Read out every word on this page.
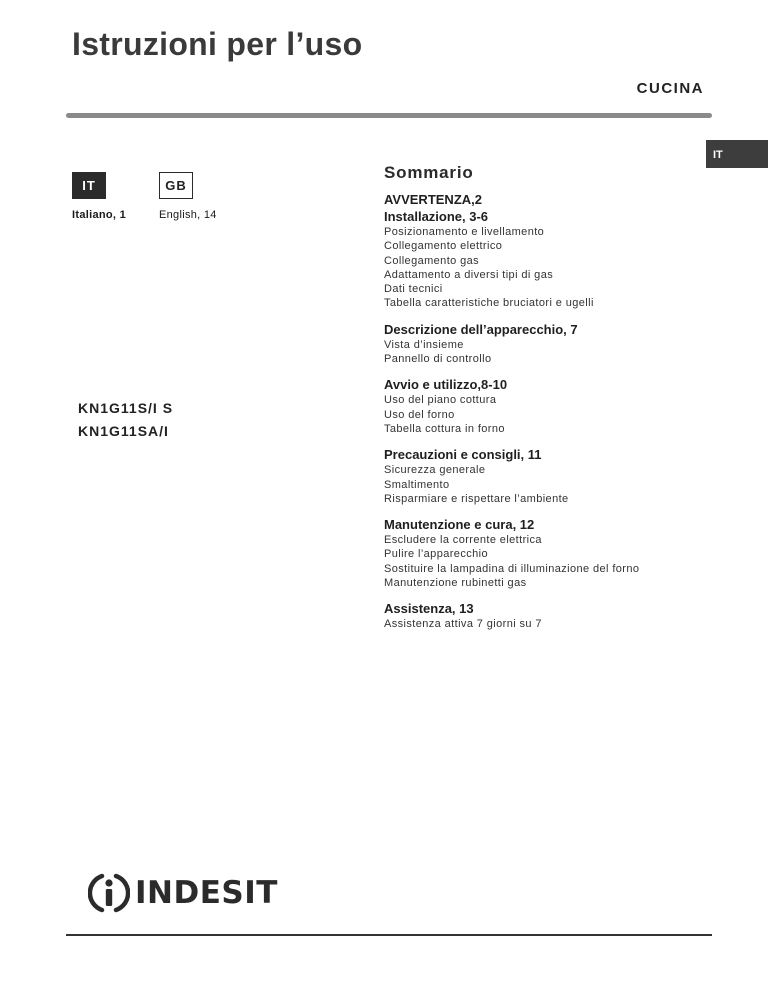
Istruzioni per l’uso
CUCINA
IT
IT	GB
Italiano, 1	English, 14
KN1G11S/I S
KN1G11SA/I
Sommario
AVVERTENZA,2
Installazione, 3-6
Posizionamento e livellamento
Collegamento elettrico
Collegamento gas
Adattamento a diversi tipi di gas
Dati tecnici
Tabella caratteristiche bruciatori e ugelli
Descrizione dell’apparecchio, 7
Vista d’insieme
Pannello di controllo
Avvio e utilizzo,8-10
Uso del piano cottura
Uso del forno
Tabella cottura in forno
Precauzioni e consigli, 11
Sicurezza generale
Smaltimento
Risparmiare e rispettare l’ambiente
Manutenzione e cura, 12
Escludere la corrente elettrica
Pulire l’apparecchio
Sostituire la lampadina di illuminazione del forno
Manutenzione rubinetti gas
Assistenza, 13
Assistenza attiva 7 giorni su 7
INDESIT
